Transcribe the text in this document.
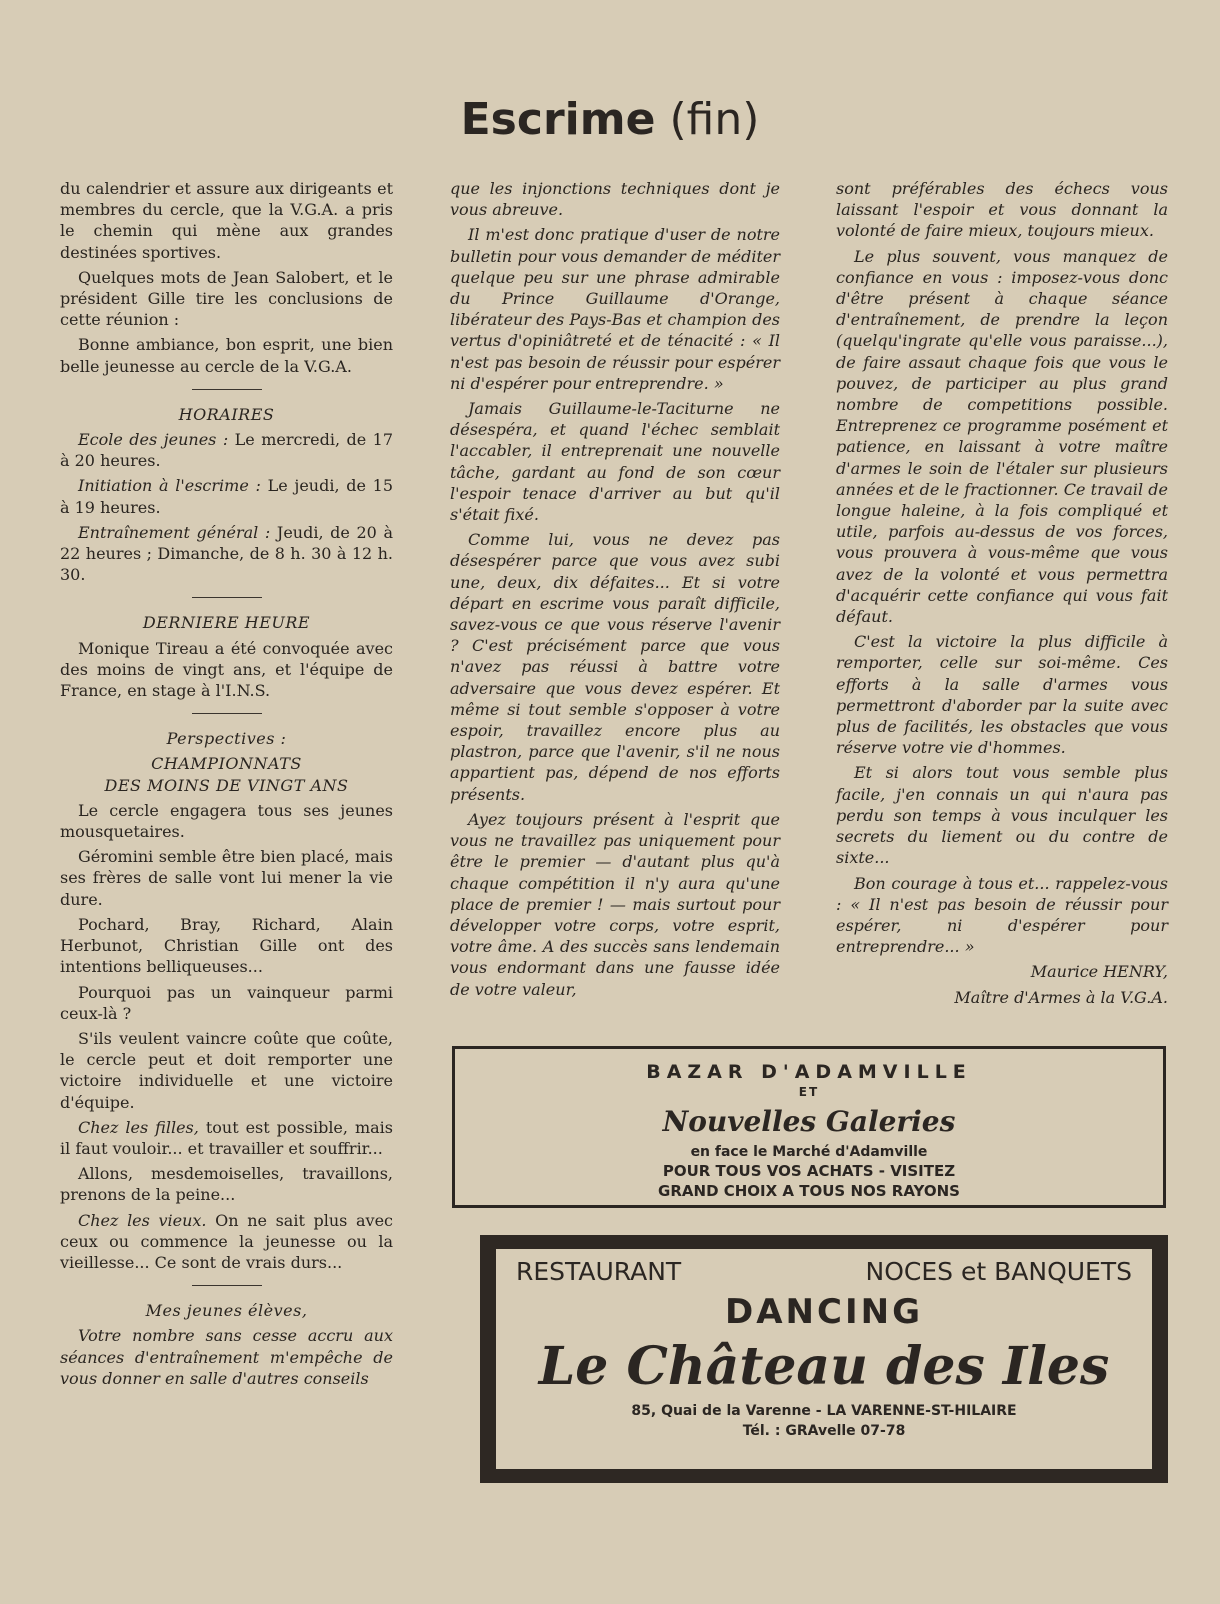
Escrime (fin)

du calendrier et assure aux dirigeants et membres du cercle, que la V.G.A. a pris le chemin qui mène aux grandes destinées sportives.

Quelques mots de Jean Salobert, et le président Gille tire les conclusions de cette réunion :

Bonne ambiance, bon esprit, une bien belle jeunesse au cercle de la V.G.A.

HORAIRES

Ecole des jeunes : Le mercredi, de 17 à 20 heures.

Initiation à l'escrime : Le jeudi, de 15 à 19 heures.

Entraînement général : Jeudi, de 20 à 22 heures ; Dimanche, de 8 h. 30 à 12 h. 30.

DERNIERE HEURE

Monique Tireau a été convoquée avec des moins de vingt ans, et l'équipe de France, en stage à l'I.N.S.

Perspectives :
CHAMPIONNATS
DES MOINS DE VINGT ANS

Le cercle engagera tous ses jeunes mousquetaires.

Géromini semble être bien placé, mais ses frères de salle vont lui mener la vie dure.

Pochard, Bray, Richard, Alain Herbunot, Christian Gille ont des intentions belliqueuses...

Pourquoi pas un vainqueur parmi ceux-là ?

S'ils veulent vaincre coûte que coûte, le cercle peut et doit remporter une victoire individuelle et une victoire d'équipe.

Chez les filles, tout est possible, mais il faut vouloir... et travailler et souffrir...

Allons, mesdemoiselles, travaillons, prenons de la peine...

Chez les vieux. On ne sait plus avec ceux ou commence la jeunesse ou la vieillesse... Ce sont de vrais durs...

Mes jeunes élèves,

Votre nombre sans cesse accru aux séances d'entraînement m'empêche de vous donner en salle d'autres conseils

que les injonctions techniques dont je vous abreuve.

Il m'est donc pratique d'user de notre bulletin pour vous demander de méditer quelque peu sur une phrase admirable du Prince Guillaume d'Orange, libérateur des Pays-Bas et champion des vertus d'opiniâtreté et de ténacité : « Il n'est pas besoin de réussir pour espérer ni d'espérer pour entreprendre. »

Jamais Guillaume-le-Taciturne ne désespéra, et quand l'échec semblait l'accabler, il entreprenait une nouvelle tâche, gardant au fond de son cœur l'espoir tenace d'arriver au but qu'il s'était fixé.

Comme lui, vous ne devez pas désespérer parce que vous avez subi une, deux, dix défaites... Et si votre départ en escrime vous paraît difficile, savez-vous ce que vous réserve l'avenir ? C'est précisément parce que vous n'avez pas réussi à battre votre adversaire que vous devez espérer. Et même si tout semble s'opposer à votre espoir, travaillez encore plus au plastron, parce que l'avenir, s'il ne nous appartient pas, dépend de nos efforts présents.

Ayez toujours présent à l'esprit que vous ne travaillez pas uniquement pour être le premier — d'autant plus qu'à chaque compétition il n'y aura qu'une place de premier ! — mais surtout pour développer votre corps, votre esprit, votre âme. A des succès sans lendemain vous endormant dans une fausse idée de votre valeur,

sont préférables des échecs vous laissant l'espoir et vous donnant la volonté de faire mieux, toujours mieux.

Le plus souvent, vous manquez de confiance en vous : imposez-vous donc d'être présent à chaque séance d'entraînement, de prendre la leçon (quelqu'ingrate qu'elle vous paraisse...), de faire assaut chaque fois que vous le pouvez, de participer au plus grand nombre de competitions possible. Entreprenez ce programme posément et patience, en laissant à votre maître d'armes le soin de l'étaler sur plusieurs années et de le fractionner. Ce travail de longue haleine, à la fois compliqué et utile, parfois au-dessus de vos forces, vous prouvera à vous-même que vous avez de la volonté et vous permettra d'acquérir cette confiance qui vous fait défaut.

C'est la victoire la plus difficile à remporter, celle sur soi-même. Ces efforts à la salle d'armes vous permettront d'aborder par la suite avec plus de facilités, les obstacles que vous réserve votre vie d'hommes.

Et si alors tout vous semble plus facile, j'en connais un qui n'aura pas perdu son temps à vous inculquer les secrets du liement ou du contre de sixte...

Bon courage à tous et... rappelez-vous : « Il n'est pas besoin de réussir pour espérer, ni d'espérer pour entreprendre... »

Maurice HENRY,
Maître d'Armes à la V.G.A.
BAZAR D'ADAMVILLE
ET
Nouvelles Galeries
en face le Marché d'Adamville
POUR TOUS VOS ACHATS - VISITEZ
GRAND CHOIX A TOUS NOS RAYONS
RESTAURANT	NOCES et BANQUETS
DANCING
Le Château des Iles
85, Quai de la Varenne - LA VARENNE-ST-HILAIRE
Tél. : GRAvelle 07-78
